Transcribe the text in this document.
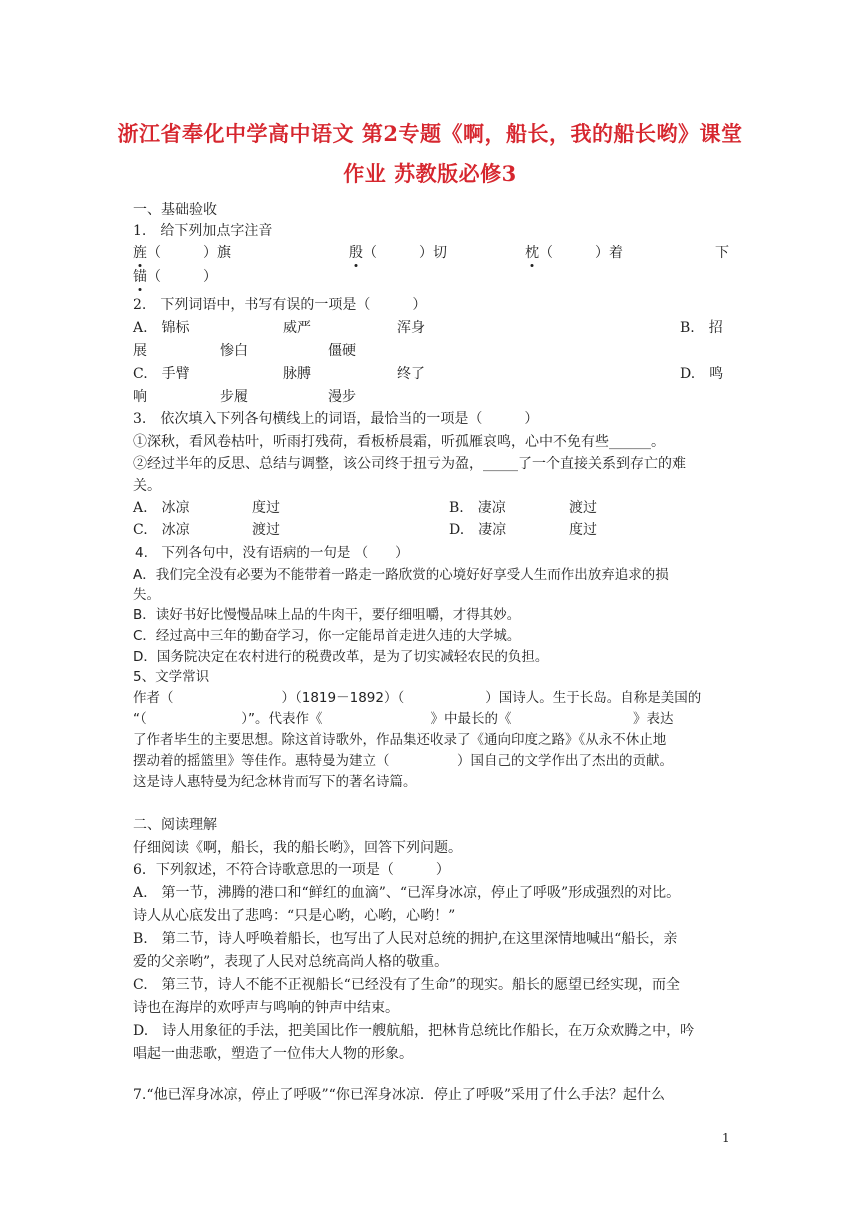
浙江省奉化中学高中语文 第2专题《啊，船长，我的船长哟》课堂
作业 苏教版必修3
一、基础验收
1.　给下列加点字注音
旌（　　　）旗	殷（　　　）切	枕（　　　）着	下
锚（　　　）
2.　下列词语中，书写有误的一项是（　　　）
A.　锦标	威严	浑身	B.　招
展	惨白	僵硬
C.　手臂	脉膊	终了	D.　鸣
响	步履	漫步
3.　依次填入下列各句横线上的词语，最恰当的一项是（　　　）
①深秋，看风卷枯叶，听雨打残荷，看板桥晨霜，听孤雁哀鸣，心中不免有些______。
②经过半年的反思、总结与调整，该公司终于扭亏为盈，_____了一个直接关系到存亡的难
关。
A.　冰凉	度过	B.　凄凉	渡过
C.　冰凉	渡过	D.　凄凉	度过
4.　下列各句中，没有语病的一句是 （　　）
A．我们完全没有必要为不能带着一路走一路欣赏的心境好好享受人生而作出放弃追求的损
失。
B．读好书好比慢慢品味上品的牛肉干，要仔细咀嚼，才得其妙。
C．经过高中三年的勤奋学习，你一定能昂首走进久违的大学城。
D．国务院决定在农村进行的税费改革，是为了切实减轻农民的负担。
5、文学常识
作者（　　　　　　　　）（1819－1892）（　　　　　　）国诗人。生于长岛。自称是美国的
“（　　　　　　　）”。代表作《　　　　　　　　》中最长的《　　　　　　　　　》表达
了作者毕生的主要思想。除这首诗歌外，作品集还收录了《通向印度之路》《从永不休止地
摆动着的摇篮里》等佳作。惠特曼为建立（　　　　　）国自己的文学作出了杰出的贡献。
这是诗人惠特曼为纪念林肯而写下的著名诗篇。
二、阅读理解
仔细阅读《啊，船长，我的船长哟》，回答下列问题。
6．下列叙述，不符合诗歌意思的一项是（　　　）
A.　第一节，沸腾的港口和“鲜红的血滴”、“已浑身冰凉，停止了呼吸”形成强烈的对比。
诗人从心底发出了悲鸣：“只是心哟，心哟，心哟！”
B.　第二节，诗人呼唤着船长，也写出了人民对总统的拥护,在这里深情地喊出“船长，亲
爱的父亲哟”，表现了人民对总统高尚人格的敬重。
C.　第三节，诗人不能不正视船长“已经没有了生命”的现实。船长的愿望已经实现，而全
诗也在海岸的欢呼声与鸣响的钟声中结束。
D.　诗人用象征的手法，把美国比作一艘航船，把林肯总统比作船长，在万众欢腾之中，吟
唱起一曲悲歌，塑造了一位伟大人物的形象。
7.“他已浑身冰凉，停止了呼吸”“你已浑身冰凉．停止了呼吸”采用了什么手法？起什么
1
